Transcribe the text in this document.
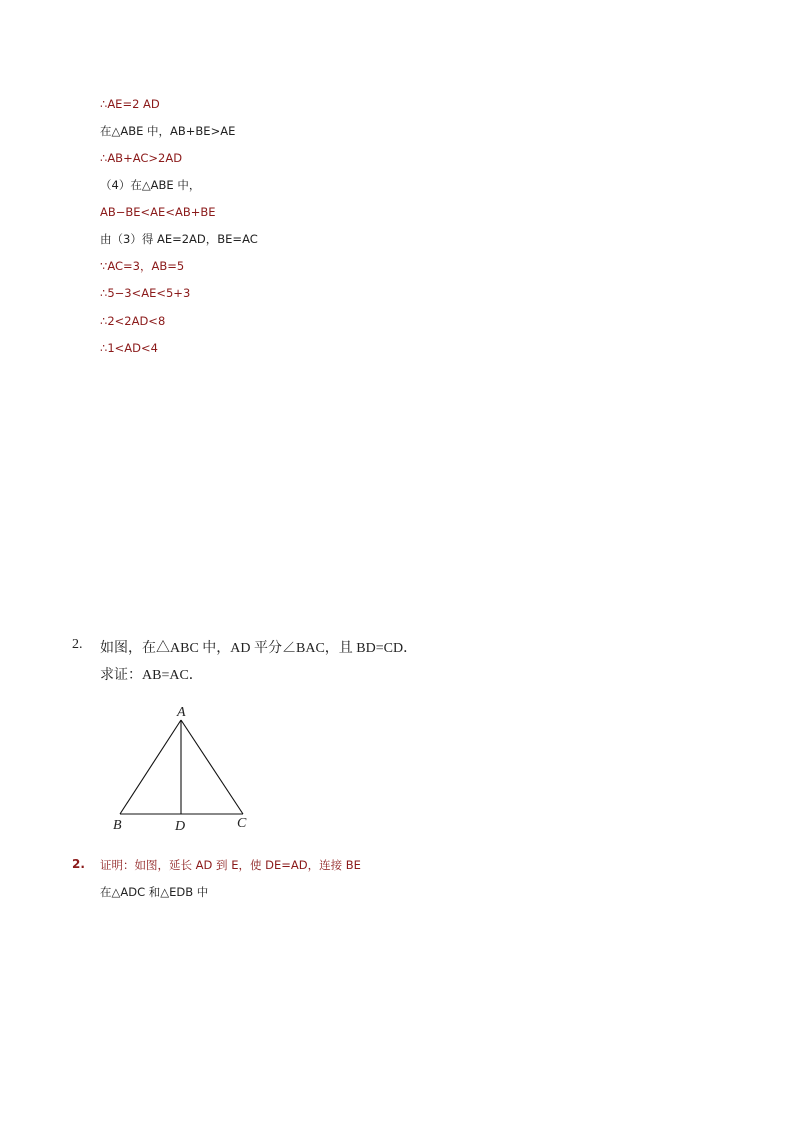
∴AE=2 AD
在△ABE 中，AB+BE>AE
∴AB+AC>2AD
（4）在△ABE 中，
AB−BE<AE<AB+BE
由（3）得 AE=2AD，BE=AC
∵AC=3，AB=5
∴5−3<AE<5+3
∴2<2AD<8
∴1<AD<4
2. 如图，在△ABC 中，AD 平分∠BAC，且 BD=CD．
求证：AB=AC．
A
B	D	C
2. 证明：如图，延长 AD 到 E，使 DE=AD，连接 BE
在△ADC 和△EDB 中
